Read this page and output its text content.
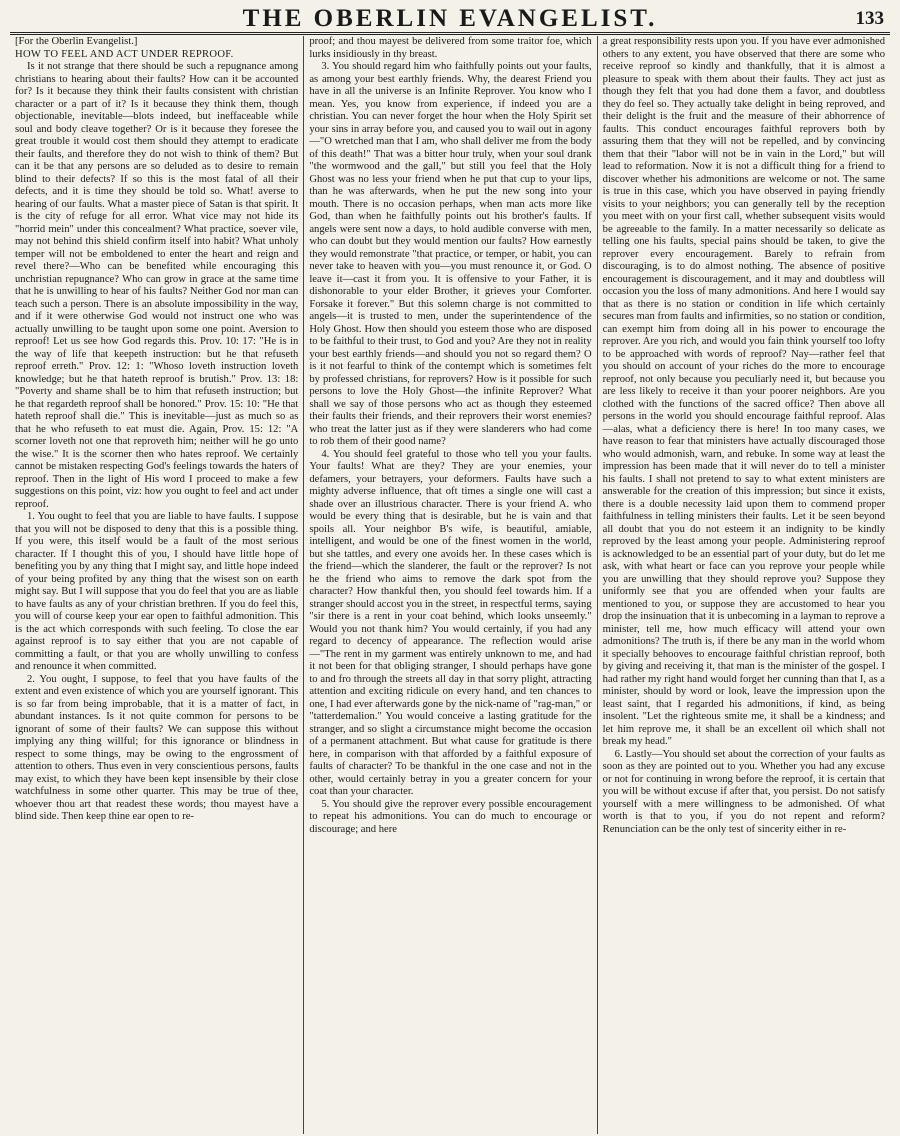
THE OBERLIN EVANGELIST.	133

[For the Oberlin Evangelist.]

HOW TO FEEL AND ACT UNDER REPROOF.

Is it not strange that there should be such a repugnance among christians to hearing about their faults? How can it be accounted for? Is it because they think their faults consistent with christian character or a part of it? Is it because they think them, though objectionable, inevitable—blots indeed, but ineffaceable while soul and body cleave together? Or is it because they foresee the great trouble it would cost them should they attempt to eradicate their faults, and therefore they do not wish to think of them? But can it be that any persons are so deluded as to desire to remain blind to their defects? If so this is the most fatal of all their defects, and it is time they should be told so. What! averse to hearing of our faults. What a master piece of Satan is that spirit. It is the city of refuge for all error. What vice may not hide its "horrid mein" under this concealment? What practice, soever vile, may not behind this shield confirm itself into habit? What unholy temper will not be emboldened to enter the heart and reign and revel there?—Who can be benefited while encouraging this unchristian repugnance? Who can grow in grace at the same time that he is unwilling to hear of his faults? Neither God nor man can teach such a person. There is an absolute impossibility in the way, and if it were otherwise God would not instruct one who was actually unwilling to be taught upon some one point. Aversion to reproof! Let us see how God regards this. Prov. 10: 17: "He is in the way of life that keepeth instruction: but he that refuseth reproof erreth." Prov. 12: 1: "Whoso loveth instruction loveth knowledge; but he that hateth reproof is brutish." Prov. 13: 18: "Poverty and shame shall be to him that refuseth instruction; but he that regardeth reproof shall be honored." Prov. 15: 10: "He that hateth reproof shall die." This is inevitable—just as much so as that he who refuseth to eat must die. Again, Prov. 15: 12: "A scorner loveth not one that reproveth him; neither will he go unto the wise." It is the scorner then who hates reproof. We certainly cannot be mistaken respecting God's feelings towards the haters of reproof. Then in the light of His word I proceed to make a few suggestions on this point, viz: how you ought to feel and act under reproof.

1. You ought to feel that you are liable to have faults. I suppose that you will not be disposed to deny that this is a possible thing. If you were, this itself would be a fault of the most serious character. If I thought this of you, I should have little hope of benefiting you by any thing that I might say, and little hope indeed of your being profited by any thing that the wisest son on earth might say. But I will suppose that you do feel that you are as liable to have faults as any of your christian brethren. If you do feel this, you will of course keep your ear open to faithful admonition. This is the act which corresponds with such feeling. To close the ear against reproof is to say either that you are not capable of committing a fault, or that you are wholly unwilling to confess and renounce it when committed.

2. You ought, I suppose, to feel that you have faults of the extent and even existence of which you are yourself ignorant. This is so far from being improbable, that it is a matter of fact, in abundant instances. Is it not quite common for persons to be ignorant of some of their faults? We can suppose this without implying any thing willful; for this ignorance or blindness in respect to some things, may be owing to the engrossment of attention to others. Thus even in very conscientious persons, faults may exist, to which they have been kept insensible by their close watchfulness in some other quarter. This may be true of thee, whoever thou art that readest these words; thou mayest have a blind side. Then keep thine ear open to re-

proof; and thou mayest be delivered from some traitor foe, which lurks insidiously in thy breast.

3. You should regard him who faithfully points out your faults, as among your best earthly friends. Why, the dearest Friend you have in all the universe is an Infinite Reprover. You know who I mean. Yes, you know from experience, if indeed you are a christian. You can never forget the hour when the Holy Spirit set your sins in array before you, and caused you to wail out in agony—"O wretched man that I am, who shall deliver me from the body of this death!" That was a bitter hour truly, when your soul drank "the wormwood and the gall," but still you feel that the Holy Ghost was no less your friend when he put that cup to your lips, than he was afterwards, when he put the new song into your mouth. There is no occasion perhaps, when man acts more like God, than when he faithfully points out his brother's faults. If angels were sent now a days, to hold audible converse with men, who can doubt but they would mention our faults? How earnestly they would remonstrate "that practice, or temper, or habit, you can never take to heaven with you—you must renounce it, or God. O leave it—cast it from you. It is offensive to your Father, it is dishonorable to your elder Brother, it grieves your Comforter. Forsake it forever." But this solemn charge is not committed to angels—it is trusted to men, under the superintendence of the Holy Ghost. How then should you esteem those who are disposed to be faithful to their trust, to God and you? Are they not in reality your best earthly friends—and should you not so regard them? O is it not fearful to think of the contempt which is sometimes felt by professed christians, for reprovers? How is it possible for such persons to love the Holy Ghost—the infinite Reprover? What shall we say of those persons who act as though they esteemed their faults their friends, and their reprovers their worst enemies? who treat the latter just as if they were slanderers who had come to rob them of their good name?

4. You should feel grateful to those who tell you your faults. Your faults! What are they? They are your enemies, your defamers, your betrayers, your deformers. Faults have such a mighty adverse influence, that oft times a single one will cast a shade over an illustrious character. There is your friend A. who would be every thing that is desirable, but he is vain and that spoils all. Your neighbor B's wife, is beautiful, amiable, intelligent, and would be one of the finest women in the world, but she tattles, and every one avoids her. In these cases which is the friend—which the slanderer, the fault or the reprover? Is not he the friend who aims to remove the dark spot from the character? How thankful then, you should feel towards him. If a stranger should accost you in the street, in respectful terms, saying "sir there is a rent in your coat behind, which looks unseemly." Would you not thank him? You would certainly, if you had any regard to decency of appearance. The reflection would arise—"The rent in my garment was entirely unknown to me, and had it not been for that obliging stranger, I should perhaps have gone to and fro through the streets all day in that sorry plight, attracting attention and exciting ridicule on every hand, and ten chances to one, I had ever afterwards gone by the nick-name of "rag-man," or "tatterdemalion." You would conceive a lasting gratitude for the stranger, and so slight a circumstance might become the occasion of a permanent attachment. But what cause for gratitude is there here, in comparison with that afforded by a faithful exposure of faults of character? To be thankful in the one case and not in the other, would certainly betray in you a greater concern for your coat than your character.

5. You should give the reprover every possible encouragement to repeat his admonitions. You can do much to encourage or discourage; and here

a great responsibility rests upon you. If you have ever admonished others to any extent, you have observed that there are some who receive reproof so kindly and thankfully, that it is almost a pleasure to speak with them about their faults. They act just as though they felt that you had done them a favor, and doubtless they do feel so. They actually take delight in being reproved, and their delight is the fruit and the measure of their abhorrence of faults. This conduct encourages faithful reprovers both by assuring them that they will not be repelled, and by convincing them that their "labor will not be in vain in the Lord," but will lead to reformation. Now it is not a difficult thing for a friend to discover whether his admonitions are welcome or not. The same is true in this case, which you have observed in paying friendly visits to your neighbors; you can generally tell by the reception you meet with on your first call, whether subsequent visits would be agreeable to the family. In a matter necessarily so delicate as telling one his faults, special pains should be taken, to give the reprover every encouragement. Barely to refrain from discouraging, is to do almost nothing. The absence of positive encouragement is discouragement, and it may and doubtless will occasion you the loss of many admonitions. And here I would say that as there is no station or condition in life which certainly secures man from faults and infirmities, so no station or condition, can exempt him from doing all in his power to encourage the reprover. Are you rich, and would you fain think yourself too lofty to be approached with words of reproof? Nay—rather feel that you should on account of your riches do the more to encourage reproof, not only because you peculiarly need it, but because you are less likely to receive it than your poorer neighbors. Are you clothed with the functions of the sacred office? Then above all persons in the world you should encourage faithful reproof. Alas—alas, what a deficiency there is here! In too many cases, we have reason to fear that ministers have actually discouraged those who would admonish, warn, and rebuke. In some way at least the impression has been made that it will never do to tell a minister his faults. I shall not pretend to say to what extent ministers are answerable for the creation of this impression; but since it exists, there is a double necessity laid upon them to commend proper faithfulness in telling ministers their faults. Let it be seen beyond all doubt that you do not esteem it an indignity to be kindly reproved by the least among your people. Administering reproof is acknowledged to be an essential part of your duty, but do let me ask, with what heart or face can you reprove your people while you are unwilling that they should reprove you? Suppose they uniformly see that you are offended when your faults are mentioned to you, or suppose they are accustomed to hear you drop the insinuation that it is unbecoming in a layman to reprove a minister, tell me, how much efficacy will attend your own admonitions? The truth is, if there be any man in the world whom it specially behooves to encourage faithful christian reproof, both by giving and receiving it, that man is the minister of the gospel. I had rather my right hand would forget her cunning than that I, as a minister, should by word or look, leave the impression upon the least saint, that I regarded his admonitions, if kind, as being insolent. "Let the righteous smite me, it shall be a kindness; and let him reprove me, it shall be an excellent oil which shall not break my head."

6. Lastly—You should set about the correction of your faults as soon as they are pointed out to you. Whether you had any excuse or not for continuing in wrong before the reproof, it is certain that you will be without excuse if after that, you persist. Do not satisfy yourself with a mere willingness to be admonished. Of what worth is that to you, if you do not repent and reform? Renunciation can be the only test of sincerity either in re-
